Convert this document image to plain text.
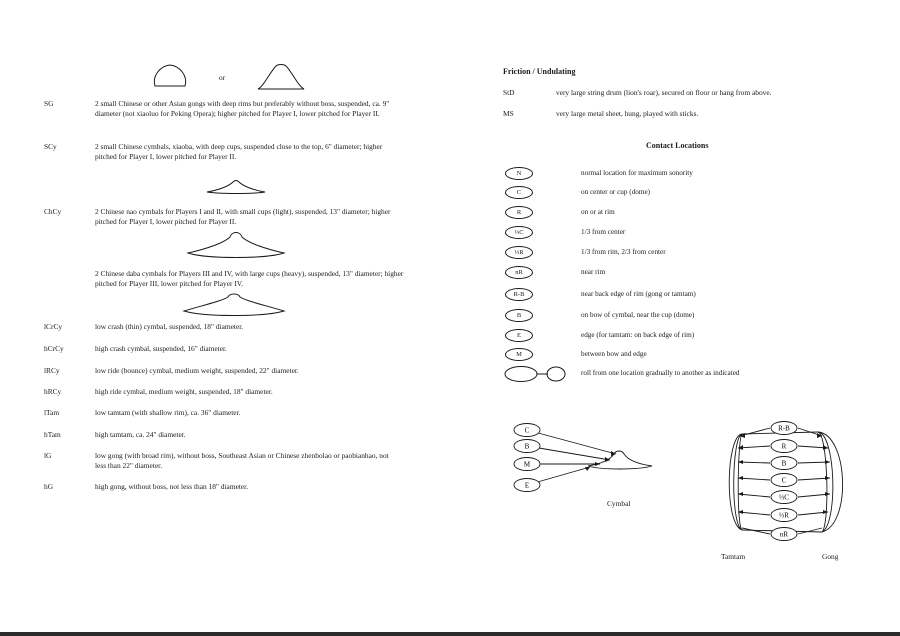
or
SG	2 small Chinese or other Asian gongs with deep rims but preferably without boss, suspended, ca. 9" diameter (not xiaoluo for Peking Opera); higher pitched for Player I, lower pitched for Player II.
SCy	2 small Chinese cymbals, xiaoba, with deep cups, suspended close to the top, 6" diameter; higher pitched for Player I, lower pitched for Player II.
ChCy	2 Chinese nao cymbals for Players I and II, with small cups (light), suspended, 13" diameter; higher pitched for Player I, lower pitched for Player II.
2 Chinese daba cymbals for Players III and IV, with large cups (heavy), suspended, 13" diameter; higher pitched for Player III, lower pitched for Player IV.
lCrCy	low crash (thin) cymbal, suspended, 18" diameter.
hCrCy	high crash cymbal, suspended, 16" diameter.
lRCy	low ride (bounce) cymbal, medium weight, suspended, 22" diameter.
hRCy	high ride cymbal, medium weight, suspended, 18" diameter.
lTam	low tamtam (with shallow rim), ca. 36" diameter.
hTam	high tamtam, ca. 24" diameter.
lG	low gong (with broad rim), without boss, Southeast Asian or Chinese zhenbolao or paobianhao, not less than 22" diameter.
hG	high gong, without boss, not less than 18" diameter.
Friction / Undulating
StD	very large string drum (lion's roar), secured on floor or hang from above.
MS	very large metal sheet, hung, played with sticks.
Contact Locations
N	normal location for maximum sonority
C	on center or cup (dome)
R	on or at rim
⅓C	1/3 from center
⅓R	1/3 from rim, 2/3 from center
nR	near rim
R-B	near back edge of rim (gong or tamtam)
B	on bow of cymbal, near the cup (dome)
E	edge (for tamtam: on back edge of rim)
M	between bow and edge
roll from one location gradually to another as indicated
C
B
M
E
Cymbal
R-B
R
B
C
⅓C
⅓R
nR
Tamtam	Gong
